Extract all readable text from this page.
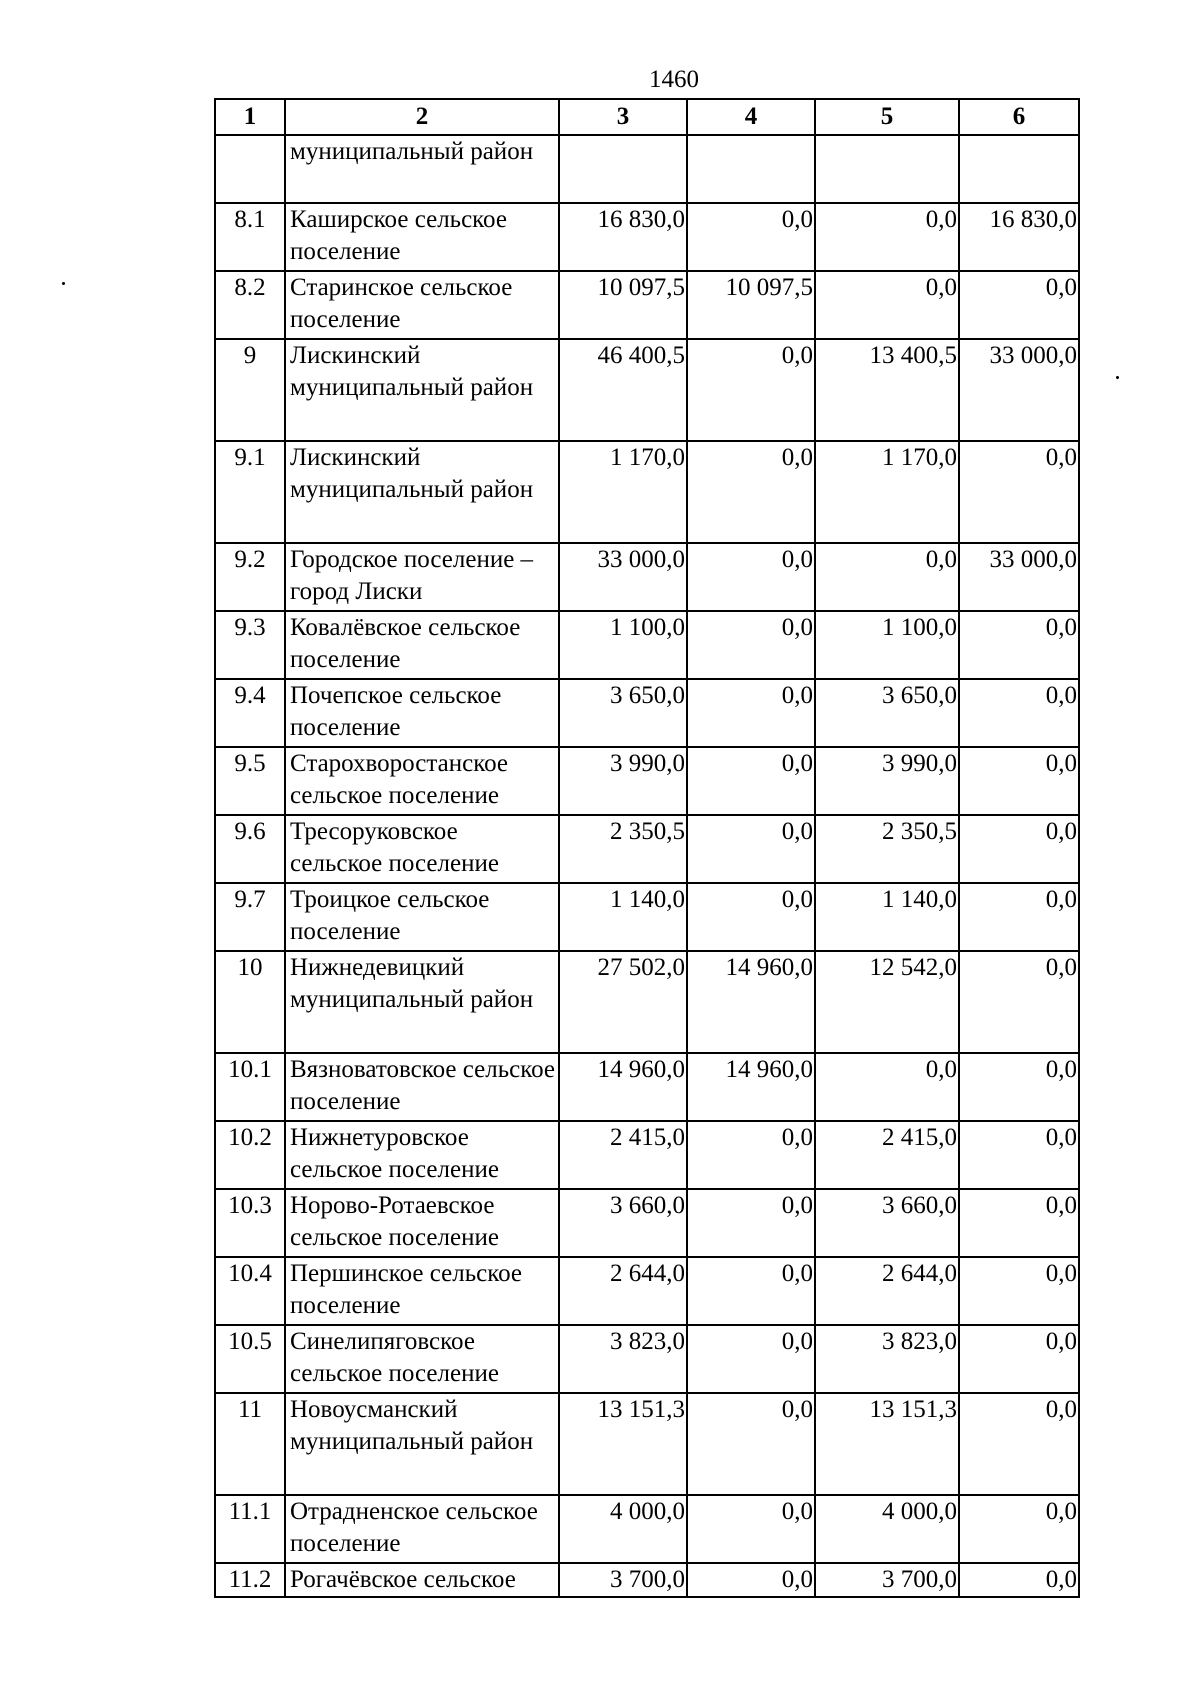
1460
1	2	3	4	5	6
	муниципальный район				
8.1	Каширское сельское поселение	16 830,0	0,0	0,0	16 830,0
8.2	Старинское сельское поселение	10 097,5	10 097,5	0,0	0,0
9	Лискинский муниципальный район	46 400,5	0,0	13 400,5	33 000,0
9.1	Лискинский муниципальный район	1 170,0	0,0	1 170,0	0,0
9.2	Городское поселение – город Лиски	33 000,0	0,0	0,0	33 000,0
9.3	Ковалёвское сельское поселение	1 100,0	0,0	1 100,0	0,0
9.4	Почепское сельское поселение	3 650,0	0,0	3 650,0	0,0
9.5	Старохворостанское сельское поселение	3 990,0	0,0	3 990,0	0,0
9.6	Тресоруковское сельское поселение	2 350,5	0,0	2 350,5	0,0
9.7	Троицкое сельское поселение	1 140,0	0,0	1 140,0	0,0
10	Нижнедевицкий муниципальный район	27 502,0	14 960,0	12 542,0	0,0
10.1	Вязноватовское сельское поселение	14 960,0	14 960,0	0,0	0,0
10.2	Нижнетуровское сельское поселение	2 415,0	0,0	2 415,0	0,0
10.3	Норово-Ротаевское сельское поселение	3 660,0	0,0	3 660,0	0,0
10.4	Першинское сельское поселение	2 644,0	0,0	2 644,0	0,0
10.5	Синелипяговское сельское поселение	3 823,0	0,0	3 823,0	0,0
11	Новоусманский муниципальный район	13 151,3	0,0	13 151,3	0,0
11.1	Отрадненское сельское поселение	4 000,0	0,0	4 000,0	0,0
11.2	Рогачёвское сельское	3 700,0	0,0	3 700,0	0,0
